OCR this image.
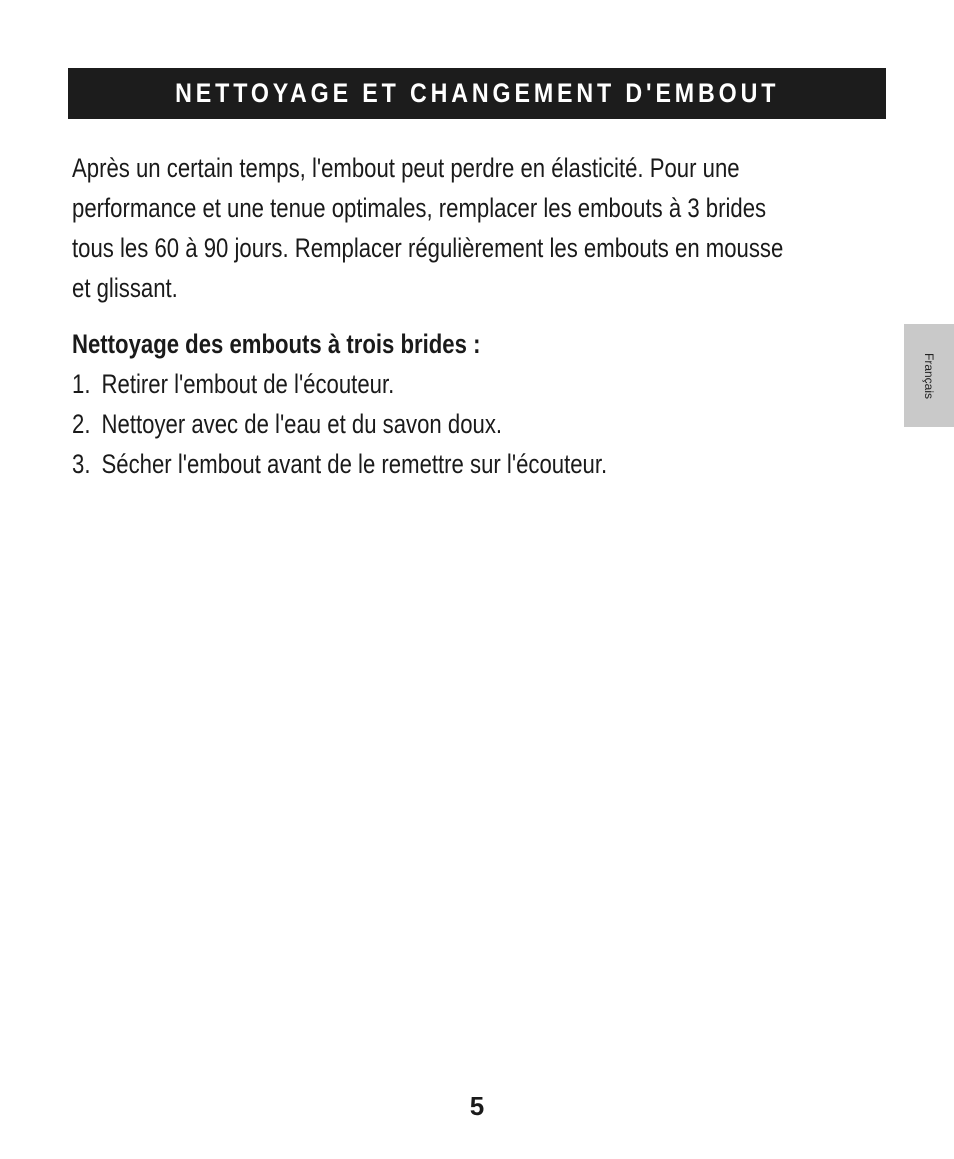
NETTOYAGE ET CHANGEMENT D'EMBOUT

Après un certain temps, l'embout peut perdre en élasticité. Pour une
performance et une tenue optimales, remplacer les embouts à 3 brides
tous les 60 à 90 jours. Remplacer régulièrement les embouts en mousse
et glissant.

Nettoyage des embouts à trois brides :
1. Retirer l'embout de l'écouteur.
2. Nettoyer avec de l'eau et du savon doux.
3. Sécher l'embout avant de le remettre sur l'écouteur.
Français
5
